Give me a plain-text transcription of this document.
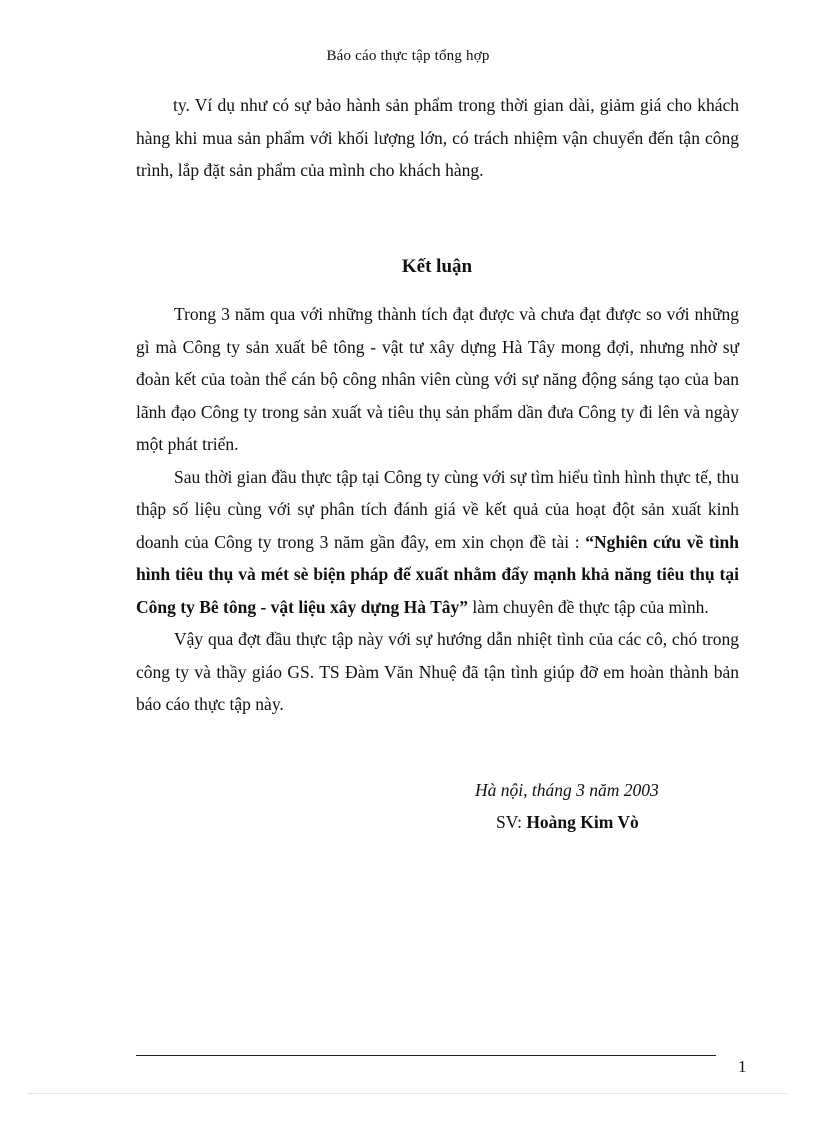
Báo cáo thực tập tổng hợp
ty. Ví dụ như có sự bảo hành sản phẩm trong thời gian dài, giảm giá cho khách hàng khi mua sản phẩm với khối lượng lớn, có trách nhiệm vận chuyển đến tận công trình, lắp đặt sản phẩm của mình cho khách hàng.
Kết luận

Trong 3 năm qua với những thành tích đạt được và chưa đạt được so với những gì mà Công ty sản xuất bê tông - vật tư xây dựng Hà Tây mong đợi, nhưng nhờ sự đoàn kết của toàn thể cán bộ công nhân viên cùng với sự năng động sáng tạo của ban lãnh đạo Công ty trong sản xuất và tiêu thụ sản phẩm dần đưa Công ty đi lên và ngày một phát triển.

Sau thời gian đầu thực tập tại Công ty cùng với sự tìm hiểu tình hình thực tế, thu thập số liệu cùng với sự phân tích đánh giá về kết quả của hoạt đột sản xuất kinh doanh của Công ty trong 3 năm gần đây, em xin chọn đề tài : “Nghiên cứu về tình hình tiêu thụ và mét sè biện pháp để xuất nhằm đẩy mạnh khả năng tiêu thụ tại Công ty Bê tông - vật liệu xây dựng Hà Tây” làm chuyên đề thực tập của mình.

Vậy qua đợt đầu thực tập này với sự hướng dẫn nhiệt tình của các cô, chó trong công ty và thầy giáo GS. TS Đàm Văn Nhuệ đã tận tình giúp đỡ em hoàn thành bản báo cáo thực tập này.

Hà nội, tháng 3 năm 2003
SV: Hoàng Kim Vò
1
